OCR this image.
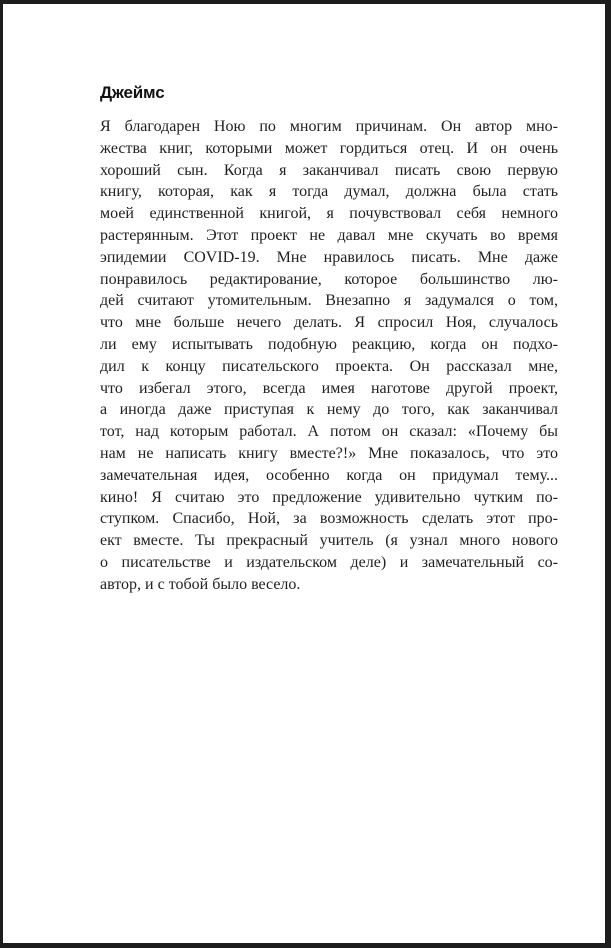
Джеймс
Я благодарен Ною по многим причинам. Он автор мно-
жества книг, которыми может гордиться отец. И он очень
хороший сын. Когда я заканчивал писать свою первую
книгу, которая, как я тогда думал, должна была стать
моей единственной книгой, я почувствовал себя немного
растерянным. Этот проект не давал мне скучать во время
эпидемии COVID-19. Мне нравилось писать. Мне даже
понравилось редактирование, которое большинство лю-
дей считают утомительным. Внезапно я задумался о том,
что мне больше нечего делать. Я спросил Ноя, случалось
ли ему испытывать подобную реакцию, когда он подхо-
дил к концу писательского проекта. Он рассказал мне,
что избегал этого, всегда имея наготове другой проект,
а иногда даже приступая к нему до того, как заканчивал
тот, над которым работал. А потом он сказал: «Почему бы
нам не написать книгу вместе?!» Мне показалось, что это
замечательная идея, особенно когда он придумал тему...
кино! Я считаю это предложение удивительно чутким по-
ступком. Спасибо, Ной, за возможность сделать этот про-
ект вместе. Ты прекрасный учитель (я узнал много нового
о писательстве и издательском деле) и замечательный со-
автор, и с тобой было весело.
